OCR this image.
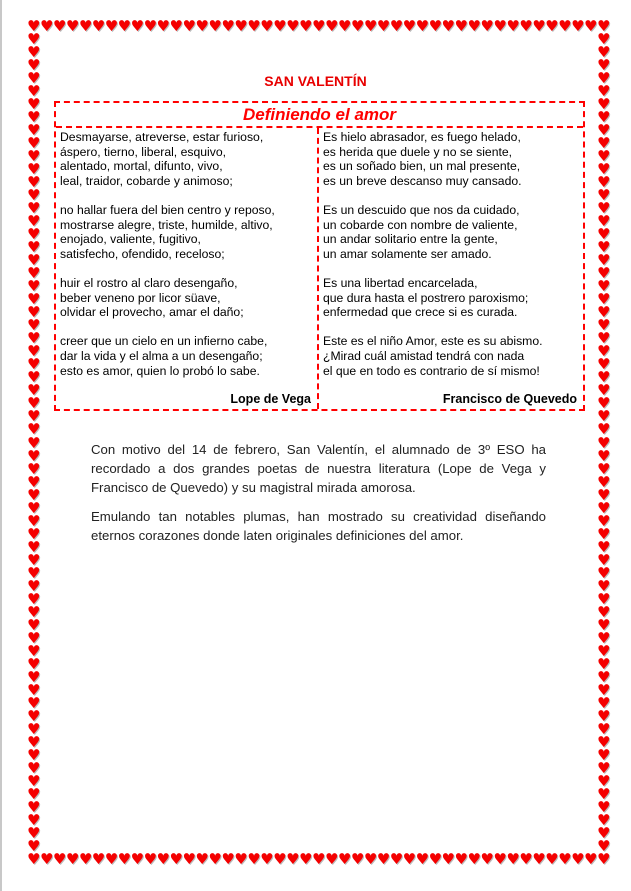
♥
♥
♥
♥
♥
♥
♥
♥
♥
♥
♥
♥
♥
♥
♥
♥
♥
♥
♥
♥
♥
♥
♥
♥
♥
♥
♥
♥
♥
♥
♥
♥
♥
♥
♥
♥
♥
♥
♥
♥
♥
♥
♥
♥
♥
♥
♥
♥
♥
♥
♥
♥
♥
♥
♥
♥
♥
♥
♥
♥
♥
♥
♥
♥
♥
♥
♥
♥
♥
♥
♥
♥
♥
♥
♥
♥
♥
♥
♥
♥
♥
♥
♥
♥
♥
♥
♥
♥
♥
♥
♥	♥
♥	♥
♥	♥
♥	♥
♥	♥
♥	♥
♥	♥
♥	♥
♥	♥
♥	♥
♥	♥
♥	♥
♥	♥
♥	♥
♥	♥
♥	♥
♥	♥
♥	♥
♥	♥
♥	♥
♥	♥
♥	♥
♥	♥
♥	♥
♥	♥
♥	♥
♥	♥
♥	♥
♥	♥
♥	♥
♥	♥
♥	♥
♥	♥
♥	♥
♥	♥
♥	♥
♥	♥
♥	♥
♥	♥
♥	♥
♥	♥
♥	♥
♥	♥
♥	♥
♥	♥
♥	♥
♥	♥
♥	♥
♥	♥
♥	♥
♥	♥
♥	♥
♥	♥
♥	♥
♥	♥
♥	♥
♥	♥
♥	♥
♥	♥
♥	♥
♥	♥
♥	♥
♥	♥
SAN VALENTÍN
Definiendo el amor
Desmayarse, atreverse, estar furioso,
áspero, tierno, liberal, esquivo,
alentado, mortal, difunto, vivo,
leal, traidor, cobarde y animoso;
no hallar fuera del bien centro y reposo,
mostrarse alegre, triste, humilde, altivo,
enojado, valiente, fugitivo,
satisfecho, ofendido, receloso;
huir el rostro al claro desengaño,
beber veneno por licor süave,
olvidar el provecho, amar el daño;
creer que un cielo en un infierno cabe,
dar la vida y el alma a un desengaño;
esto es amor, quien lo probó lo sabe.
Lope de Vega
Es hielo abrasador, es fuego helado,
es herida que duele y no se siente,
es un soñado bien, un mal presente,
es un breve descanso muy cansado.
Es un descuido que nos da cuidado,
un cobarde con nombre de valiente,
un andar solitario entre la gente,
un amar solamente ser amado.
Es una libertad encarcelada,
que dura hasta el postrero paroxismo;
enfermedad que crece si es curada.
Este es el niño Amor, este es su abismo.
¿Mirad cuál amistad tendrá con nada
el que en todo es contrario de sí mismo!
Francisco de Quevedo
Con motivo del 14 de febrero, San Valentín, el alumnado de 3º ESO ha recordado a dos grandes poetas de nuestra literatura (Lope de Vega y Francisco de Quevedo) y su magistral mirada amorosa.
Emulando tan notables plumas, han mostrado su creatividad diseñando eternos corazones donde laten originales definiciones del amor.
